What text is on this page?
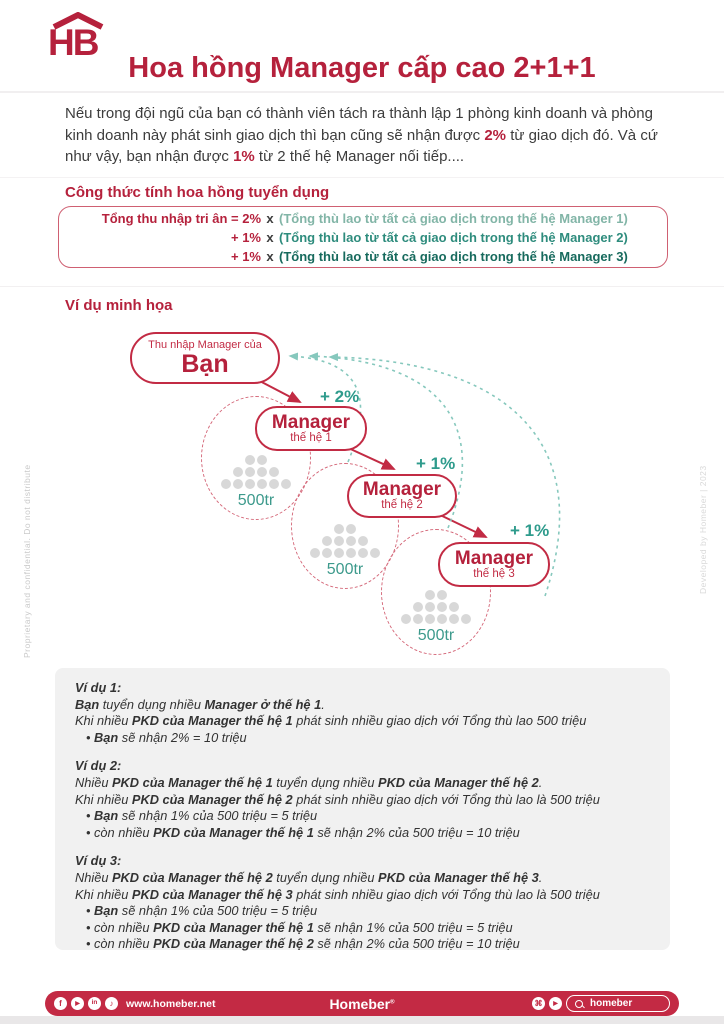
HB
Hoa hồng Manager cấp cao 2+1+1
Nếu trong đội ngũ của bạn có thành viên tách ra thành lập 1 phòng kinh doanh và phòng kinh doanh này phát sinh giao dịch thì bạn cũng sẽ nhận được 2% từ giao dịch đó. Và cứ như vậy, bạn nhận được 1% từ 2 thế hệ Manager nối tiếp....
Công thức tính hoa hồng tuyển dụng
Tổng thu nhập tri ân = 2% x (Tổng thù lao từ tất cả giao dịch trong thế hệ Manager 1)
+ 1% x (Tổng thù lao từ tất cả giao dịch trong thế hệ Manager 2)
+ 1% x (Tổng thù lao từ tất cả giao dịch trong thế hệ Manager 3)
Ví dụ minh họa
500tr
500tr
500tr
Thu nhập Manager của
Bạn
Manager
thế hệ 1
Manager
thế hệ 2
Manager
thế hệ 3
+ 2%
+ 1%
+ 1%
Proprietary and confidential. Do not distribute	Developed by Homeber | 2023
Ví dụ 1:
Bạn tuyển dụng nhiều Manager ở thế hệ 1.
Khi nhiều PKD của Manager thế hệ 1 phát sinh nhiều giao dịch với Tổng thù lao 500 triệu
• Bạn sẽ nhận 2% = 10 triệu
Ví dụ 2:
Nhiều PKD của Manager thế hệ 1 tuyển dụng nhiều PKD của Manager thế hệ 2.
Khi nhiều PKD của Manager thế hệ 2 phát sinh nhiều giao dịch với Tổng thù lao là 500 triệu
• Bạn sẽ nhận 1% của 500 triệu = 5 triệu
• còn nhiều PKD của Manager thế hệ 1 sẽ nhận 2% của 500 triệu = 10 triệu
Ví dụ 3:
Nhiều PKD của Manager thế hệ 2 tuyển dụng nhiều PKD của Manager thế hệ 3.
Khi nhiều PKD của Manager thế hệ 3 phát sinh nhiều giao dịch với Tổng thù lao là 500 triệu
• Bạn sẽ nhận 1% của 500 triệu = 5 triệu
• còn nhiều PKD của Manager thế hệ 1 sẽ nhận 1% của 500 triệu = 5 triệu
• còn nhiều PKD của Manager thế hệ 2 sẽ nhận 2% của 500 triệu = 10 triệu
f	▶	in	♪	www.homeber.net	Homeber®	⌘	▶	homeber
